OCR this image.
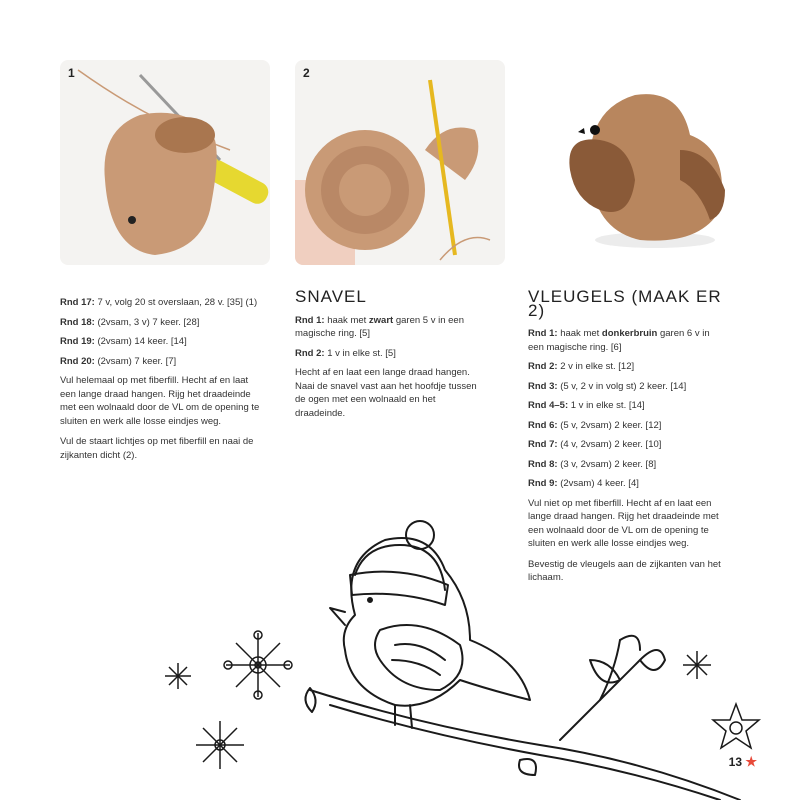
1	2
Rnd 17: 7 v, volg 20 st overslaan, 28 v. [35] (1)
Rnd 18: (2vsam, 3 v) 7 keer. [28]
Rnd 19: (2vsam) 14 keer. [14]
Rnd 20: (2vsam) 7 keer. [7]

Vul helemaal op met fiberfill. Hecht af en laat een lange draad hangen. Rijg het draadeinde met een wolnaald door de VL om de opening te sluiten en werk alle losse eindjes weg.

Vul de staart lichtjes op met fiberfill en naai de zijkanten dicht (2).

SNAVEL
Rnd 1: haak met zwart garen 5 v in een magische ring. [5]
Rnd 2: 1 v in elke st. [5]

Hecht af en laat een lange draad hangen. Naai de snavel vast aan het hoofdje tussen de ogen met een wolnaald en het draadeinde.

VLEUGELS (MAAK ER 2)
Rnd 1: haak met donkerbruin garen 6 v in een magische ring. [6]
Rnd 2: 2 v in elke st. [12]
Rnd 3: (5 v, 2 v in volg st) 2 keer. [14]
Rnd 4–5: 1 v in elke st. [14]
Rnd 6: (5 v, 2vsam) 2 keer. [12]
Rnd 7: (4 v, 2vsam) 2 keer. [10]
Rnd 8: (3 v, 2vsam) 2 keer. [8]
Rnd 9: (2vsam) 4 keer. [4]

Vul niet op met fiberfill. Hecht af en laat een lange draad hangen. Rijg het draadeinde met een wolnaald door de VL om de opening te sluiten en werk alle losse eindjes weg.

Bevestig de vleugels aan de zijkanten van het lichaam.

13 ★
